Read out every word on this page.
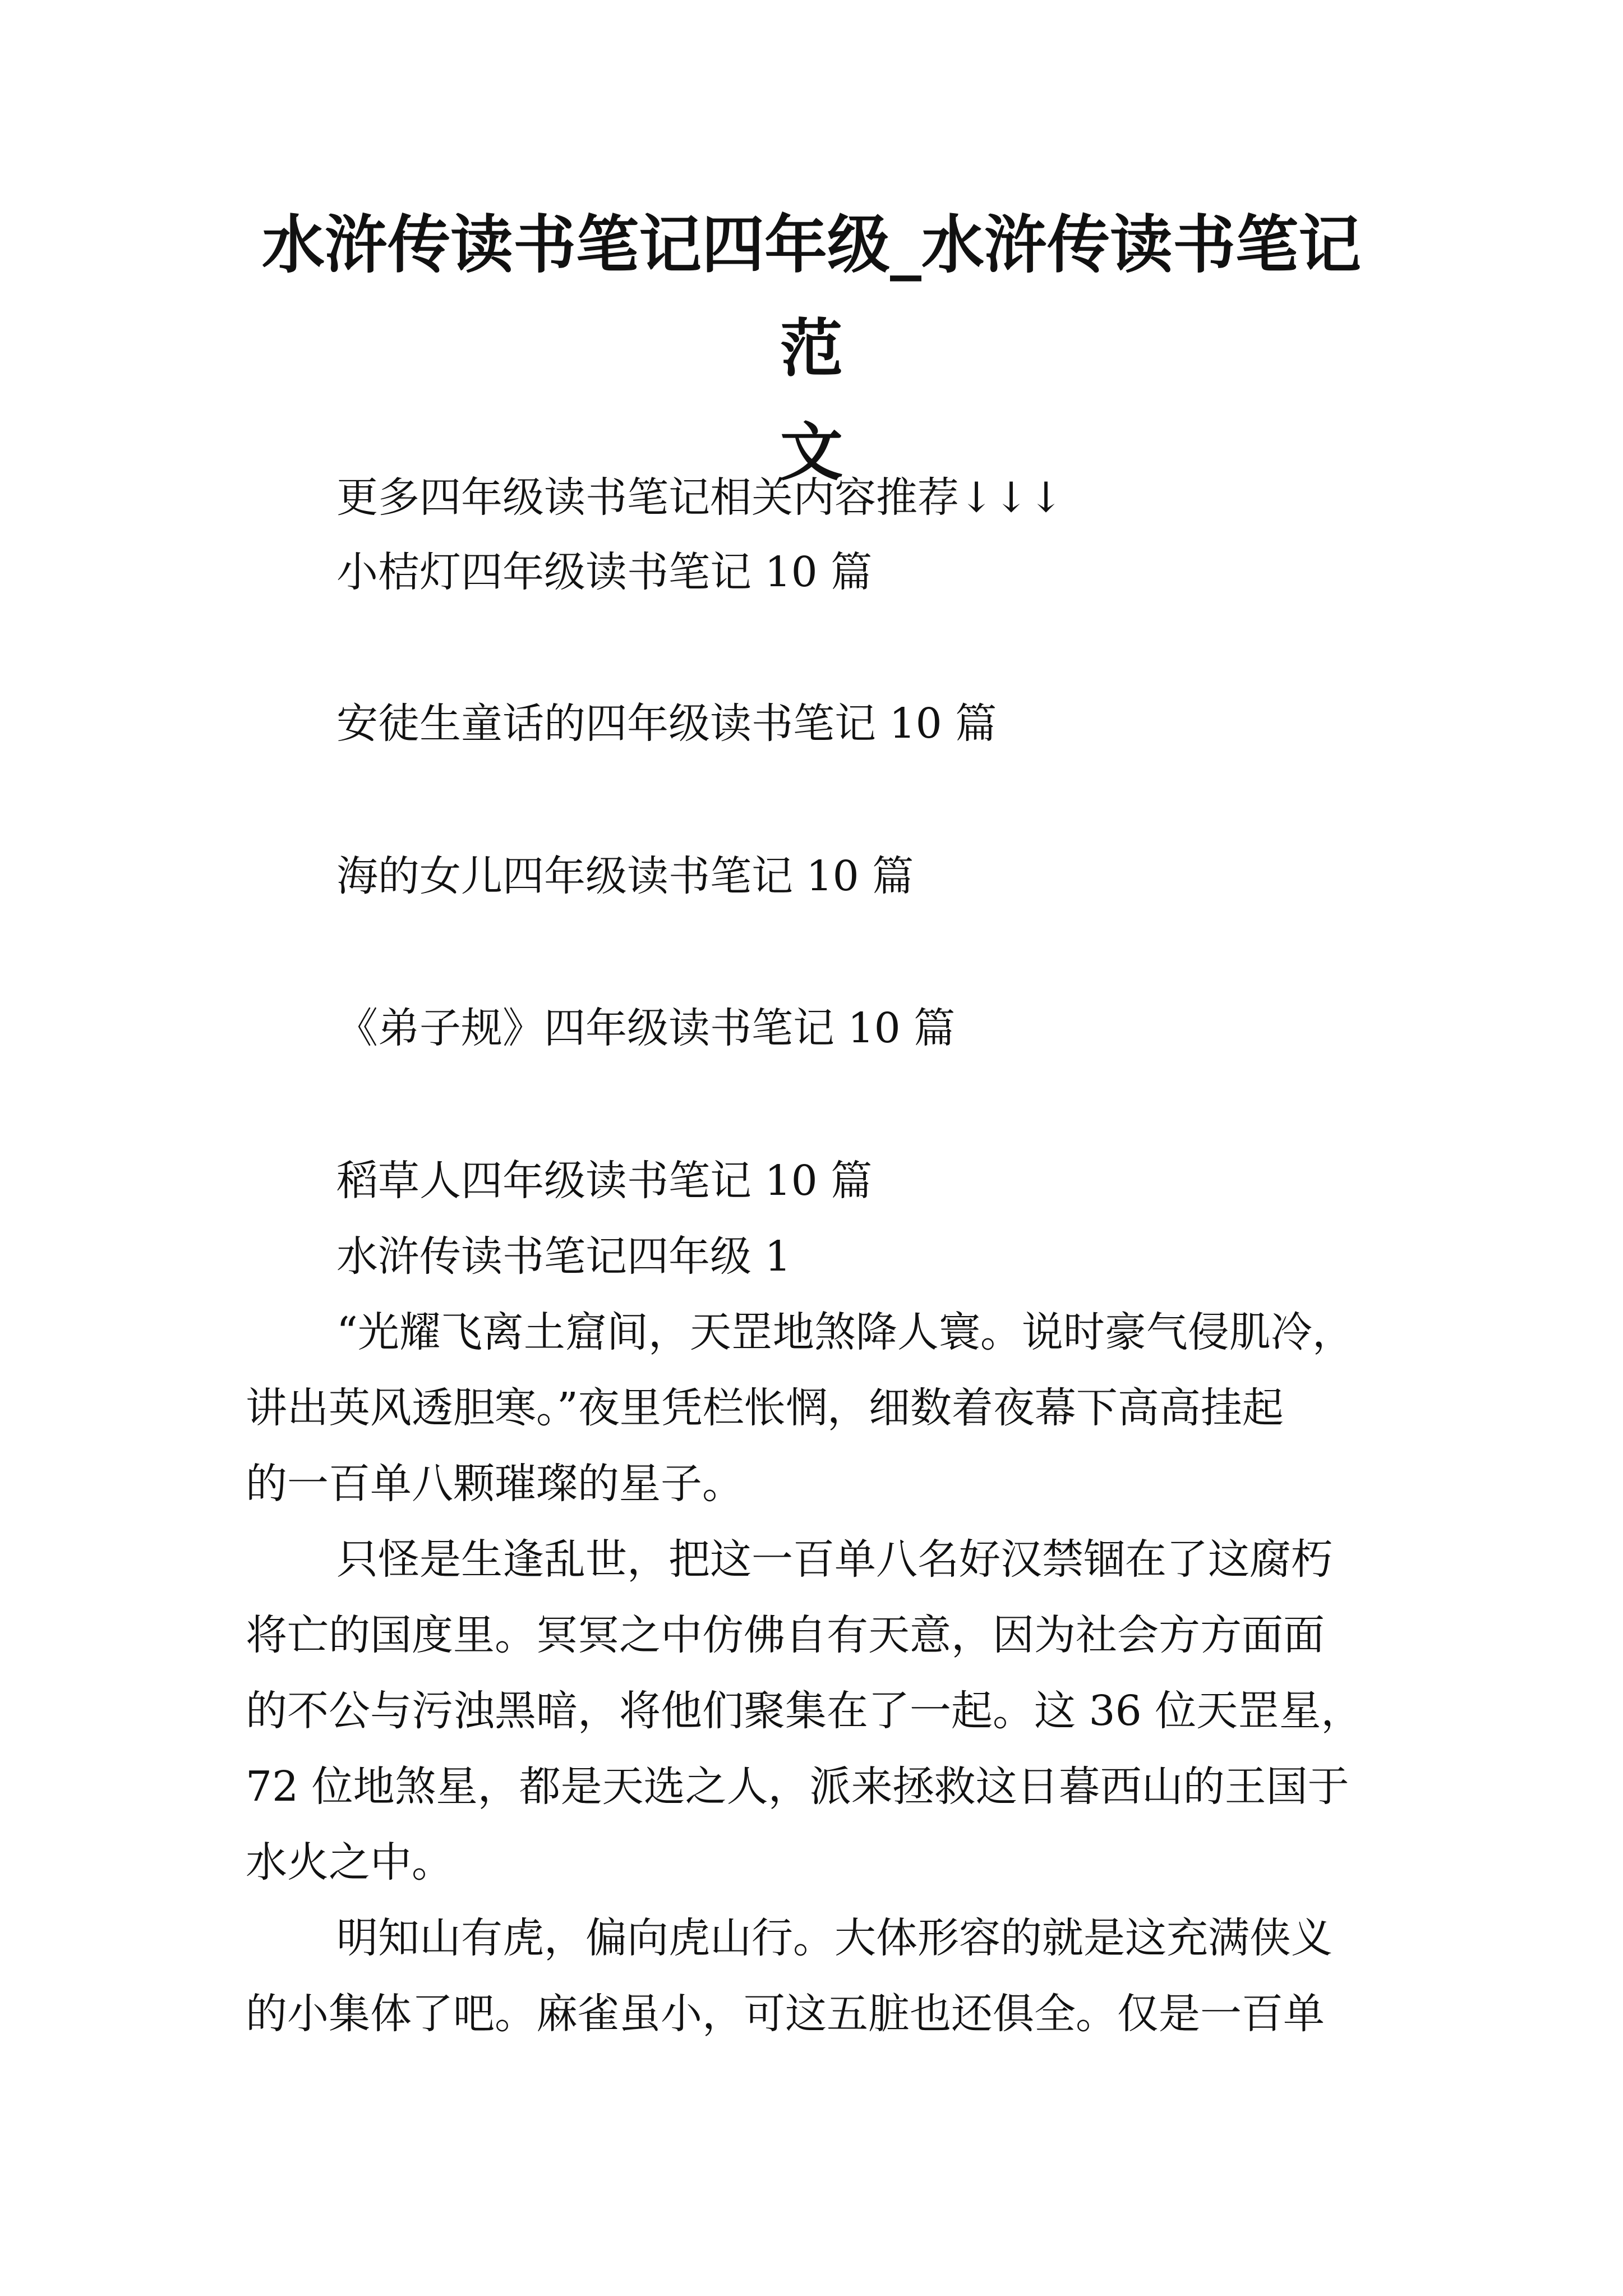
水浒传读书笔记四年级_水浒传读书笔记范
文

更多四年级读书笔记相关内容推荐↓↓↓

小桔灯四年级读书笔记 10 篇

安徒生童话的四年级读书笔记 10 篇

海的女儿四年级读书笔记 10 篇

《弟子规》四年级读书笔记 10 篇

稻草人四年级读书笔记 10 篇

水浒传读书笔记四年级 1

“光耀飞离土窟间，天罡地煞降人寰。说时豪气侵肌冷，

讲出英风透胆寒。”夜里凭栏怅惘，细数着夜幕下高高挂起

的一百单八颗璀璨的星子。

只怪是生逢乱世，把这一百单八名好汉禁锢在了这腐朽

将亡的国度里。冥冥之中仿佛自有天意，因为社会方方面面

的不公与污浊黑暗，将他们聚集在了一起。这 36 位天罡星，

72 位地煞星，都是天选之人，派来拯救这日暮西山的王国于

水火之中。

明知山有虎，偏向虎山行。大体形容的就是这充满侠义

的小集体了吧。麻雀虽小，可这五脏也还俱全。仅是一百单
